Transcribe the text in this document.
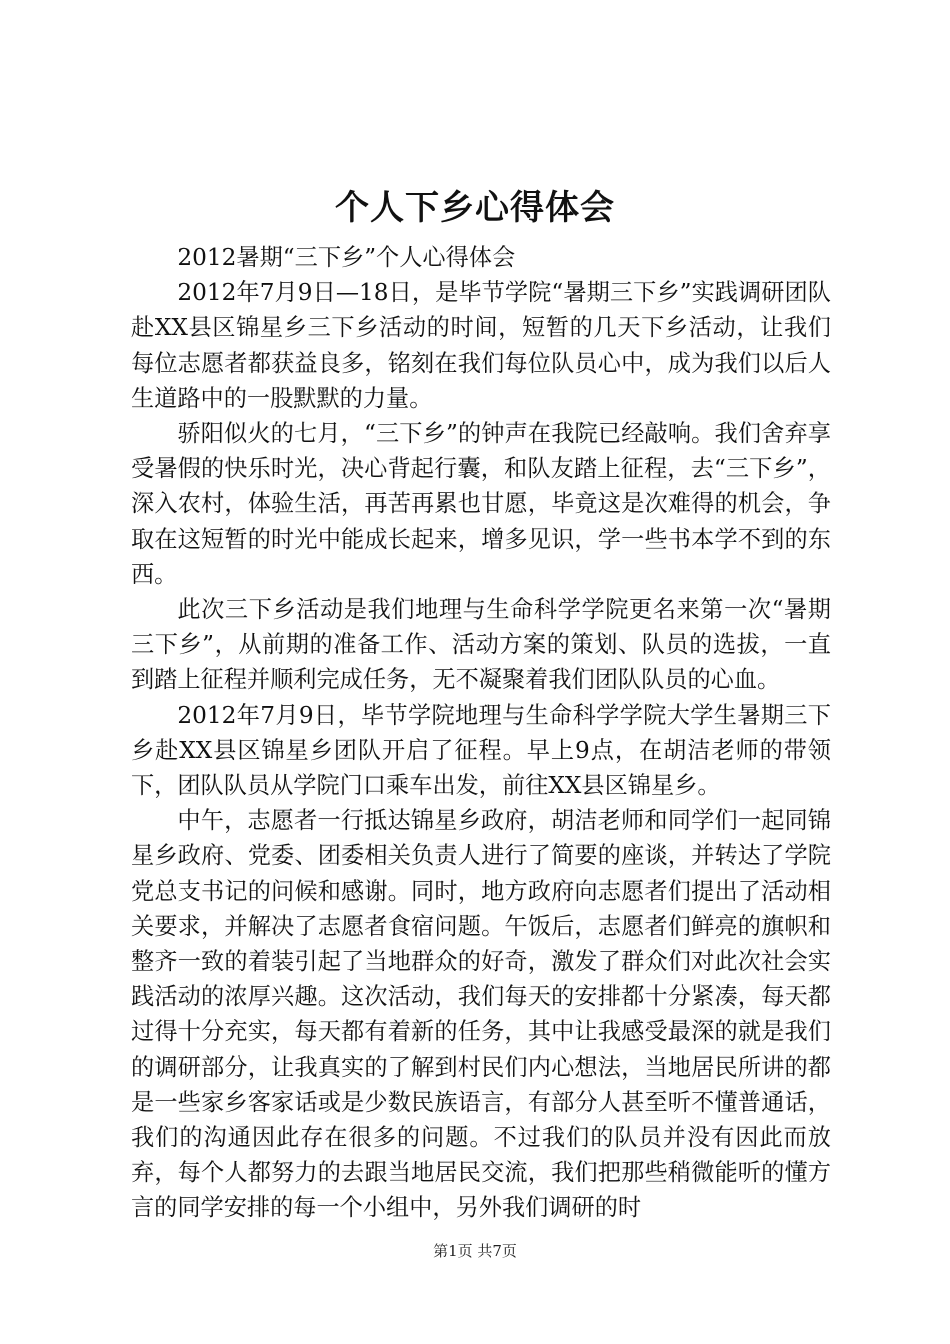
个人下乡心得体会

2012暑期“三下乡”个人心得体会

2012年7月9日—18日，是毕节学院“暑期三下乡”实践调研团队赴XX县区锦星乡三下乡活动的时间，短暂的几天下乡活动，让我们每位志愿者都获益良多，铭刻在我们每位队员心中，成为我们以后人生道路中的一股默默的力量。

骄阳似火的七月，“三下乡”的钟声在我院已经敲响。我们舍弃享受暑假的快乐时光，决心背起行囊，和队友踏上征程，去“三下乡”，深入农村，体验生活，再苦再累也甘愿，毕竟这是次难得的机会，争取在这短暂的时光中能成长起来，增多见识，学一些书本学不到的东西。

此次三下乡活动是我们地理与生命科学学院更名来第一次“暑期三下乡”，从前期的准备工作、活动方案的策划、队员的选拔，一直到踏上征程并顺利完成任务，无不凝聚着我们团队队员的心血。

2012年7月9日，毕节学院地理与生命科学学院大学生暑期三下乡赴XX县区锦星乡团队开启了征程。早上9点，在胡洁老师的带领下，团队队员从学院门口乘车出发，前往XX县区锦星乡。

中午，志愿者一行抵达锦星乡政府，胡洁老师和同学们一起同锦星乡政府、党委、团委相关负责人进行了简要的座谈，并转达了学院党总支书记的问候和感谢。同时，地方政府向志愿者们提出了活动相关要求，并解决了志愿者食宿问题。午饭后，志愿者们鲜亮的旗帜和整齐一致的着装引起了当地群众的好奇，激发了群众们对此次社会实践活动的浓厚兴趣。这次活动，我们每天的安排都十分紧凑，每天都过得十分充实，每天都有着新的任务，其中让我感受最深的就是我们的调研部分，让我真实的了解到村民们内心想法，当地居民所讲的都是一些家乡客家话或是少数民族语言，有部分人甚至听不懂普通话，我们的沟通因此存在很多的问题。不过我们的队员并没有因此而放弃，每个人都努力的去跟当地居民交流，我们把那些稍微能听的懂方言的同学安排的每一个小组中，另外我们调研的时

第1页 共7页
